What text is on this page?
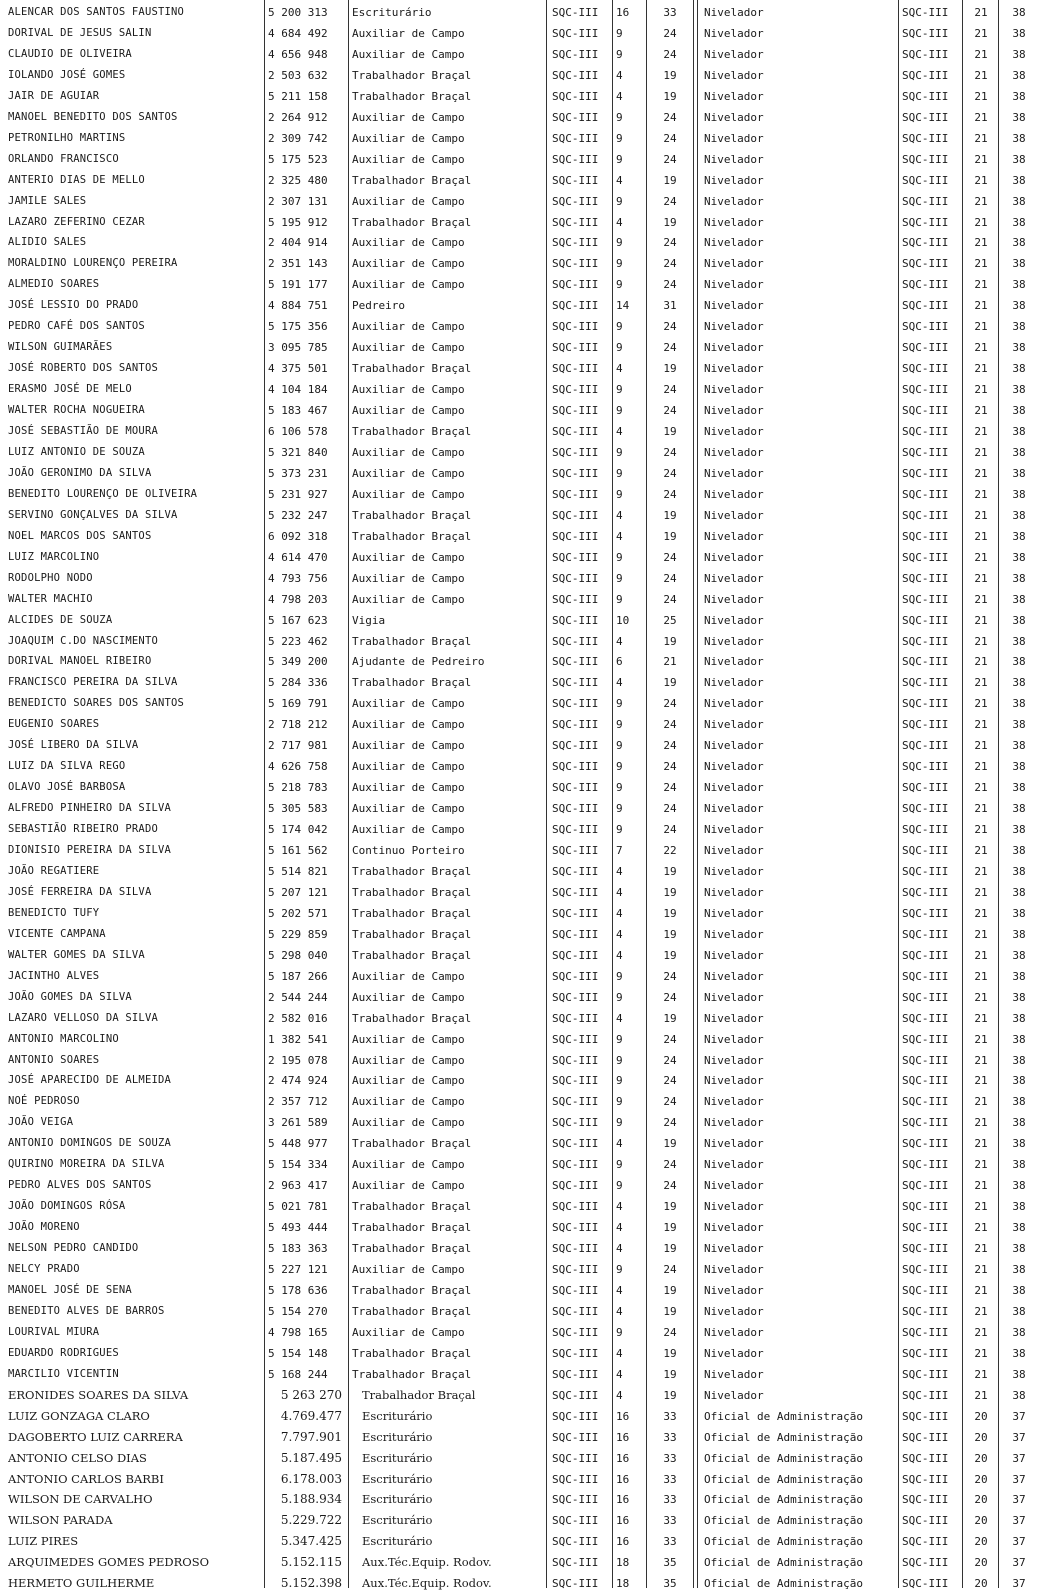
ALENCAR DOS SANTOS FAUSTINO	5 200 313	Escriturário	SQC-III	16	33	Nivelador	SQC-III	21	38
DORIVAL DE JESUS SALIN	4 684 492	Auxiliar de Campo	SQC-III	9	24	Nivelador	SQC-III	21	38
CLAUDIO DE OLIVEIRA	4 656 948	Auxiliar de Campo	SQC-III	9	24	Nivelador	SQC-III	21	38
IOLANDO JOSÉ GOMES	2 503 632	Trabalhador Braçal	SQC-III	4	19	Nivelador	SQC-III	21	38
JAIR DE AGUIAR	5 211 158	Trabalhador Braçal	SQC-III	4	19	Nivelador	SQC-III	21	38
MANOEL BENEDITO DOS SANTOS	2 264 912	Auxiliar de Campo	SQC-III	9	24	Nivelador	SQC-III	21	38
PETRONILHO MARTINS	2 309 742	Auxiliar de Campo	SQC-III	9	24	Nivelador	SQC-III	21	38
ORLANDO FRANCISCO	5 175 523	Auxiliar de Campo	SQC-III	9	24	Nivelador	SQC-III	21	38
ANTERIO DIAS DE MELLO	2 325 480	Trabalhador Braçal	SQC-III	4	19	Nivelador	SQC-III	21	38
JAMILE SALES	2 307 131	Auxiliar de Campo	SQC-III	9	24	Nivelador	SQC-III	21	38
LAZARO ZEFERINO CEZAR	5 195 912	Trabalhador Braçal	SQC-III	4	19	Nivelador	SQC-III	21	38
ALIDIO SALES	2 404 914	Auxiliar de Campo	SQC-III	9	24	Nivelador	SQC-III	21	38
MORALDINO LOURENÇO PEREIRA	2 351 143	Auxiliar de Campo	SQC-III	9	24	Nivelador	SQC-III	21	38
ALMEDIO SOARES	5 191 177	Auxiliar de Campo	SQC-III	9	24	Nivelador	SQC-III	21	38
JOSÉ LESSIO DO PRADO	4 884 751	Pedreiro	SQC-III	14	31	Nivelador	SQC-III	21	38
PEDRO CAFÉ DOS SANTOS	5 175 356	Auxiliar de Campo	SQC-III	9	24	Nivelador	SQC-III	21	38
WILSON GUIMARÃES	3 095 785	Auxiliar de Campo	SQC-III	9	24	Nivelador	SQC-III	21	38
JOSÉ ROBERTO DOS SANTOS	4 375 501	Trabalhador Braçal	SQC-III	4	19	Nivelador	SQC-III	21	38
ERASMO JOSÉ DE MELO	4 104 184	Auxiliar de Campo	SQC-III	9	24	Nivelador	SQC-III	21	38
WALTER ROCHA NOGUEIRA	5 183 467	Auxiliar de Campo	SQC-III	9	24	Nivelador	SQC-III	21	38
JOSÉ SEBASTIÃO DE MOURA	6 106 578	Trabalhador Braçal	SQC-III	4	19	Nivelador	SQC-III	21	38
LUIZ ANTONIO DE SOUZA	5 321 840	Auxiliar de Campo	SQC-III	9	24	Nivelador	SQC-III	21	38
JOÃO GERONIMO DA SILVA	5 373 231	Auxiliar de Campo	SQC-III	9	24	Nivelador	SQC-III	21	38
BENEDITO LOURENÇO DE OLIVEIRA	5 231 927	Auxiliar de Campo	SQC-III	9	24	Nivelador	SQC-III	21	38
SERVINO GONÇALVES DA SILVA	5 232 247	Trabalhador Braçal	SQC-III	4	19	Nivelador	SQC-III	21	38
NOEL MARCOS DOS SANTOS	6 092 318	Trabalhador Braçal	SQC-III	4	19	Nivelador	SQC-III	21	38
LUIZ MARCOLINO	4 614 470	Auxiliar de Campo	SQC-III	9	24	Nivelador	SQC-III	21	38
RODOLPHO NODO	4 793 756	Auxiliar de Campo	SQC-III	9	24	Nivelador	SQC-III	21	38
WALTER MACHIO	4 798 203	Auxiliar de Campo	SQC-III	9	24	Nivelador	SQC-III	21	38
ALCIDES DE SOUZA	5 167 623	Vigia	SQC-III	10	25	Nivelador	SQC-III	21	38
JOAQUIM C.DO NASCIMENTO	5 223 462	Trabalhador Braçal	SQC-III	4	19	Nivelador	SQC-III	21	38
DORIVAL MANOEL RIBEIRO	5 349 200	Ajudante de Pedreiro	SQC-III	6	21	Nivelador	SQC-III	21	38
FRANCISCO PEREIRA DA SILVA	5 284 336	Trabalhador Braçal	SQC-III	4	19	Nivelador	SQC-III	21	38
BENEDICTO SOARES DOS SANTOS	5 169 791	Auxiliar de Campo	SQC-III	9	24	Nivelador	SQC-III	21	38
EUGENIO SOARES	2 718 212	Auxiliar de Campo	SQC-III	9	24	Nivelador	SQC-III	21	38
JOSÉ LIBERO DA SILVA	2 717 981	Auxiliar de Campo	SQC-III	9	24	Nivelador	SQC-III	21	38
LUIZ DA SILVA REGO	4 626 758	Auxiliar de Campo	SQC-III	9	24	Nivelador	SQC-III	21	38
OLAVO JOSÉ BARBOSA	5 218 783	Auxiliar de Campo	SQC-III	9	24	Nivelador	SQC-III	21	38
ALFREDO PINHEIRO DA SILVA	5 305 583	Auxiliar de Campo	SQC-III	9	24	Nivelador	SQC-III	21	38
SEBASTIÃO RIBEIRO PRADO	5 174 042	Auxiliar de Campo	SQC-III	9	24	Nivelador	SQC-III	21	38
DIONISIO PEREIRA DA SILVA	5 161 562	Continuo Porteiro	SQC-III	7	22	Nivelador	SQC-III	21	38
JOÃO REGATIERE	5 514 821	Trabalhador Braçal	SQC-III	4	19	Nivelador	SQC-III	21	38
JOSÉ FERREIRA DA SILVA	5 207 121	Trabalhador Braçal	SQC-III	4	19	Nivelador	SQC-III	21	38
BENEDICTO TUFY	5 202 571	Trabalhador Braçal	SQC-III	4	19	Nivelador	SQC-III	21	38
VICENTE CAMPANA	5 229 859	Trabalhador Braçal	SQC-III	4	19	Nivelador	SQC-III	21	38
WALTER GOMES DA SILVA	5 298 040	Trabalhador Braçal	SQC-III	4	19	Nivelador	SQC-III	21	38
JACINTHO ALVES	5 187 266	Auxiliar de Campo	SQC-III	9	24	Nivelador	SQC-III	21	38
JOÃO GOMES DA SILVA	2 544 244	Auxiliar de Campo	SQC-III	9	24	Nivelador	SQC-III	21	38
LAZARO VELLOSO DA SILVA	2 582 016	Trabalhador Braçal	SQC-III	4	19	Nivelador	SQC-III	21	38
ANTONIO MARCOLINO	1 382 541	Auxiliar de Campo	SQC-III	9	24	Nivelador	SQC-III	21	38
ANTONIO SOARES	2 195 078	Auxiliar de Campo	SQC-III	9	24	Nivelador	SQC-III	21	38
JOSÉ APARECIDO DE ALMEIDA	2 474 924	Auxiliar de Campo	SQC-III	9	24	Nivelador	SQC-III	21	38
NOÉ PEDROSO	2 357 712	Auxiliar de Campo	SQC-III	9	24	Nivelador	SQC-III	21	38
JOÃO VEIGA	3 261 589	Auxiliar de Campo	SQC-III	9	24	Nivelador	SQC-III	21	38
ANTONIO DOMINGOS DE SOUZA	5 448 977	Trabalhador Braçal	SQC-III	4	19	Nivelador	SQC-III	21	38
QUIRINO MOREIRA DA SILVA	5 154 334	Auxiliar de Campo	SQC-III	9	24	Nivelador	SQC-III	21	38
PEDRO ALVES DOS SANTOS	2 963 417	Auxiliar de Campo	SQC-III	9	24	Nivelador	SQC-III	21	38
JOÃO DOMINGOS RÓSA	5 021 781	Trabalhador Braçal	SQC-III	4	19	Nivelador	SQC-III	21	38
JOÃO MORENO	5 493 444	Trabalhador Braçal	SQC-III	4	19	Nivelador	SQC-III	21	38
NELSON PEDRO CANDIDO	5 183 363	Trabalhador Braçal	SQC-III	4	19	Nivelador	SQC-III	21	38
NELCY PRADO	5 227 121	Auxiliar de Campo	SQC-III	9	24	Nivelador	SQC-III	21	38
MANOEL JOSÉ DE SENA	5 178 636	Trabalhador Braçal	SQC-III	4	19	Nivelador	SQC-III	21	38
BENEDITO ALVES DE BARROS	5 154 270	Trabalhador Braçal	SQC-III	4	19	Nivelador	SQC-III	21	38
LOURIVAL MIURA	4 798 165	Auxiliar de Campo	SQC-III	9	24	Nivelador	SQC-III	21	38
EDUARDO RODRIGUES	5 154 148	Trabalhador Braçal	SQC-III	4	19	Nivelador	SQC-III	21	38
MARCILIO VICENTIN	5 168 244	Trabalhador Braçal	SQC-III	4	19	Nivelador	SQC-III	21	38
ERONIDES SOARES DA SILVA	5 263 270 Trabalhador Braçal	SQC-III	4	19	Nivelador	SQC-III	21	38
LUIZ GONZAGA CLARO	4.769.477 Escriturário	SQC-III	16	33	Oficial de Administração	SQC-III	20	37
DAGOBERTO LUIZ CARRERA	7.797.901 Escriturário	SQC-III	16	33	Oficial de Administração	SQC-III	20	37
ANTONIO CELSO DIAS	5.187.495 Escriturário	SQC-III	16	33	Oficial de Administração	SQC-III	20	37
ANTONIO CARLOS BARBI	6.178.003 Escriturário	SQC-III	16	33	Oficial de Administração	SQC-III	20	37
WILSON DE CARVALHO	5.188.934 Escriturário	SQC-III	16	33	Oficial de Administração	SQC-III	20	37
WILSON PARADA	5.229.722 Escriturário	SQC-III	16	33	Oficial de Administração	SQC-III	20	37
LUIZ PIRES	5.347.425 Escriturário	SQC-III	16	33	Oficial de Administração	SQC-III	20	37
ARQUIMEDES GOMES PEDROSO	5.152.115 Aux.Téc.Equip. Rodov.	SQC-III	18	35	Oficial de Administração	SQC-III	20	37
HERMETO GUILHERME	5.152.398 Aux.Téc.Equip. Rodov.	SQC-III	18	35	Oficial de Administração	SQC-III	20	37
